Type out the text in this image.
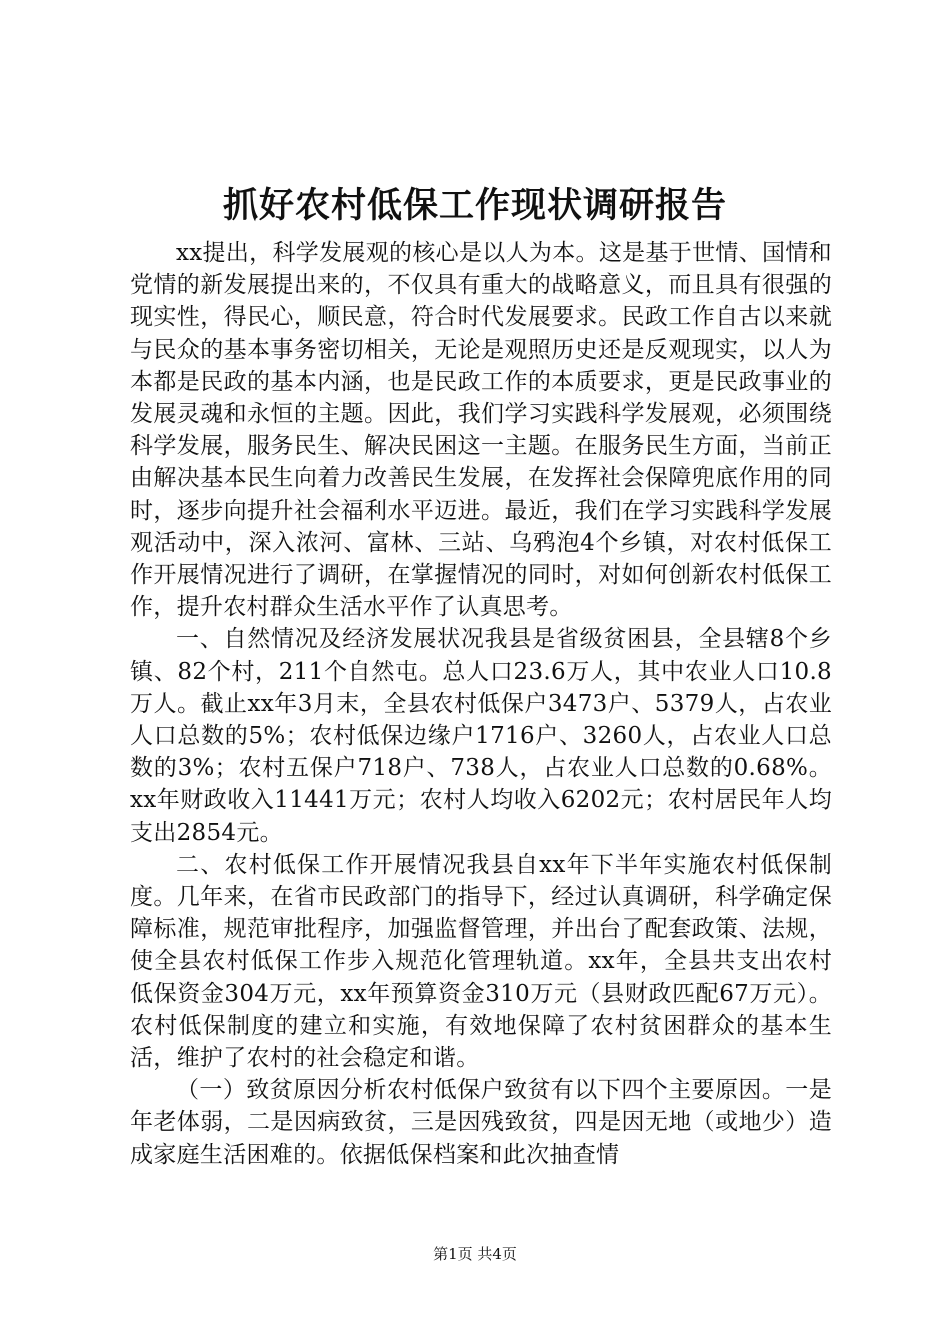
抓好农村低保工作现状调研报告

xx提出，科学发展观的核心是以人为本。这是基于世情、国情和党情的新发展提出来的，不仅具有重大的战略意义，而且具有很强的现实性，得民心，顺民意，符合时代发展要求。民政工作自古以来就与民众的基本事务密切相关，无论是观照历史还是反观现实，以人为本都是民政的基本内涵，也是民政工作的本质要求，更是民政事业的发展灵魂和永恒的主题。因此，我们学习实践科学发展观，必须围绕科学发展，服务民生、解决民困这一主题。在服务民生方面，当前正由解决基本民生向着力改善民生发展，在发挥社会保障兜底作用的同时，逐步向提升社会福利水平迈进。最近，我们在学习实践科学发展观活动中，深入浓河、富林、三站、乌鸦泡4个乡镇，对农村低保工作开展情况进行了调研，在掌握情况的同时，对如何创新农村低保工作，提升农村群众生活水平作了认真思考。

一、自然情况及经济发展状况我县是省级贫困县，全县辖8个乡镇、82个村，211个自然屯。总人口23.6万人，其中农业人口10.8万人。截止xx年3月末，全县农村低保户3473户、5379人，占农业人口总数的5%；农村低保边缘户1716户、3260人，占农业人口总数的3%；农村五保户718户、738人，占农业人口总数的0.68%。xx年财政收入11441万元；农村人均收入6202元；农村居民年人均支出2854元。

二、农村低保工作开展情况我县自xx年下半年实施农村低保制度。几年来，在省市民政部门的指导下，经过认真调研，科学确定保障标准，规范审批程序，加强监督管理，并出台了配套政策、法规，使全县农村低保工作步入规范化管理轨道。xx年，全县共支出农村低保资金304万元，xx年预算资金310万元（县财政匹配67万元）。农村低保制度的建立和实施，有效地保障了农村贫困群众的基本生活，维护了农村的社会稳定和谐。

（一）致贫原因分析农村低保户致贫有以下四个主要原因。一是年老体弱，二是因病致贫，三是因残致贫，四是因无地（或地少）造成家庭生活困难的。依据低保档案和此次抽查情

第1页 共4页
